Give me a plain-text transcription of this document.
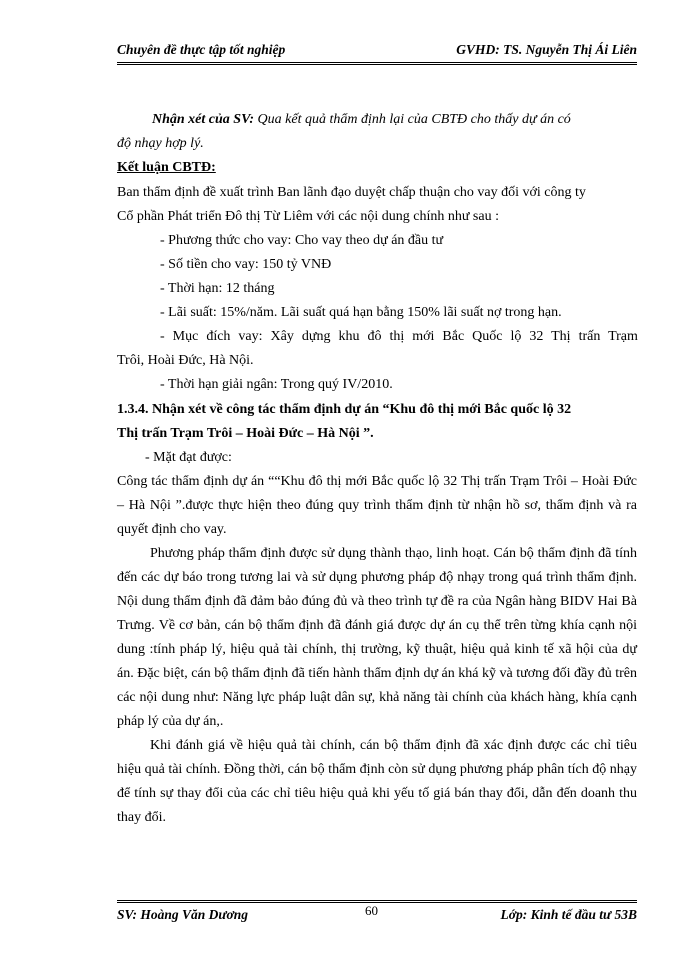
Chuyên đề thực tập tốt nghiệp	GVHD: TS. Nguyễn Thị Ái Liên
Nhận xét của SV: Qua kết quả thẩm định lại của CBTĐ cho thấy dự án có
độ nhạy hợp lý.
Kết luận CBTĐ:
Ban thẩm định đề xuất trình Ban lãnh đạo duyệt chấp thuận cho vay đối với công ty
Cổ phần Phát triển Đô thị Từ Liêm với các nội dung chính như sau :
- Phương thức cho vay: Cho vay theo dự án đầu tư
- Số tiền cho vay: 150 tỷ VNĐ
- Thời hạn: 12 tháng
- Lãi suất: 15%/năm. Lãi suất quá hạn bằng 150% lãi suất nợ trong hạn.
- Mục đích vay: Xây dựng khu đô thị mới Bắc Quốc lộ 32 Thị trấn Trạm
Trôi, Hoài Đức, Hà Nội.
- Thời hạn giải ngân: Trong quý IV/2010.
1.3.4. Nhận xét về công tác thẩm định dự án “Khu đô thị mới Bắc quốc lộ 32
Thị trấn Trạm Trôi – Hoài Đức – Hà Nội ”.
- Mặt đạt được:
Công tác thẩm định dự án ““Khu đô thị mới Bắc quốc lộ 32 Thị trấn Trạm Trôi – Hoài Đức – Hà Nội ”.được thực hiện theo đúng quy trình thẩm định từ nhận hồ sơ, thẩm định và ra quyết định cho vay.
Phương pháp thẩm định được sử dụng thành thạo, linh hoạt. Cán bộ thẩm định đã tính đến các dự báo trong tương lai và sử dụng phương pháp độ nhạy trong quá trình thẩm định. Nội dung thẩm định đã đảm bảo đúng đủ và theo trình tự đề ra của Ngân hàng BIDV Hai Bà Trưng. Về cơ bản, cán bộ thẩm định đã đánh giá được dự án cụ thể trên từng khía cạnh nội dung :tính pháp lý, hiệu quả tài chính, thị trường, kỹ thuật, hiệu quả kinh tế xã hội của dự án. Đặc biệt, cán bộ thẩm định đã tiến hành thẩm định dự án khá kỹ và tương đối đầy đủ trên các nội dung như: Năng lực pháp luật dân sự, khả năng tài chính của khách hàng, khía cạnh pháp lý của dự án,.
Khi đánh giá về hiệu quả tài chính, cán bộ thẩm định đã xác định được các chỉ tiêu hiệu quả tài chính. Đồng thời, cán bộ thẩm định còn sử dụng phương pháp phân tích độ nhạy để tính sự thay đổi của các chỉ tiêu hiệu quả khi yếu tố giá bán thay đổi, dẫn đến doanh thu thay đổi.
SV: Hoàng Văn Dương	60	Lớp: Kinh tế đầu tư 53B
